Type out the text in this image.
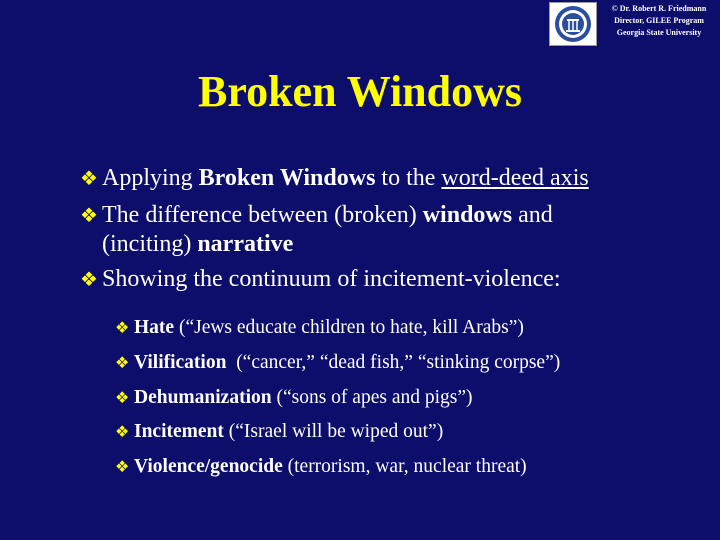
© Dr. Robert R. Friedmann
Director, GILEE Program
Georgia State University
Broken Windows
❖ Applying Broken Windows to the word-deed axis
❖ The difference between (broken) windows and
(inciting) narrative
❖ Showing the continuum of incitement-violence:
❖ Hate (“Jews educate children to hate, kill Arabs”)
❖ Vilification  (“cancer,” “dead fish,” “stinking corpse”)
❖ Dehumanization (“sons of apes and pigs”)
❖ Incitement (“Israel will be wiped out”)
❖ Violence/genocide (terrorism, war, nuclear threat)
